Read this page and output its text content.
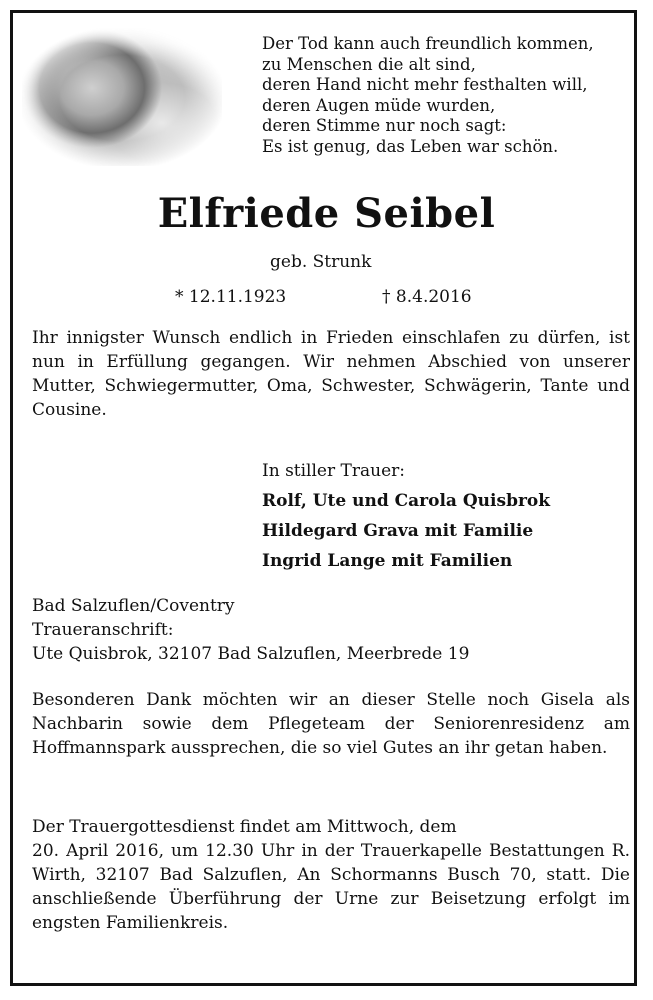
Der Tod kann auch freundlich kommen,
zu Menschen die alt sind,
deren Hand nicht mehr festhalten will,
deren Augen müde wurden,
deren Stimme nur noch sagt:
Es ist genug, das Leben war schön.
Elfriede Seibel
geb. Strunk
* 12.11.1923	† 8.4.2016
Ihr innigster Wunsch endlich in Frieden einschlafen zu dürfen, ist nun in Erfüllung gegangen. Wir nehmen Abschied von unserer Mutter, Schwiegermutter, Oma, Schwester, Schwägerin, Tante und Cousine.
In stiller Trauer:
Rolf, Ute und Carola Quisbrok
Hildegard Grava mit Familie
Ingrid Lange mit Familien
Bad Salzuflen/Coventry
Traueranschrift:
Ute Quisbrok, 32107 Bad Salzuflen, Meerbrede 19
Besonderen Dank möchten wir an dieser Stelle noch Gisela als Nachbarin sowie dem Pflegeteam der Seniorenresidenz am Hoffmannspark aussprechen, die so viel Gutes an ihr getan haben.
Der Trauergottesdienst findet am Mittwoch, dem
20. April 2016, um 12.30 Uhr in der Trauerkapelle Bestattungen R. Wirth, 32107 Bad Salzuflen, An Schormanns Busch 70, statt. Die anschließende Überführung der Urne zur Beisetzung erfolgt im engsten Familienkreis.
